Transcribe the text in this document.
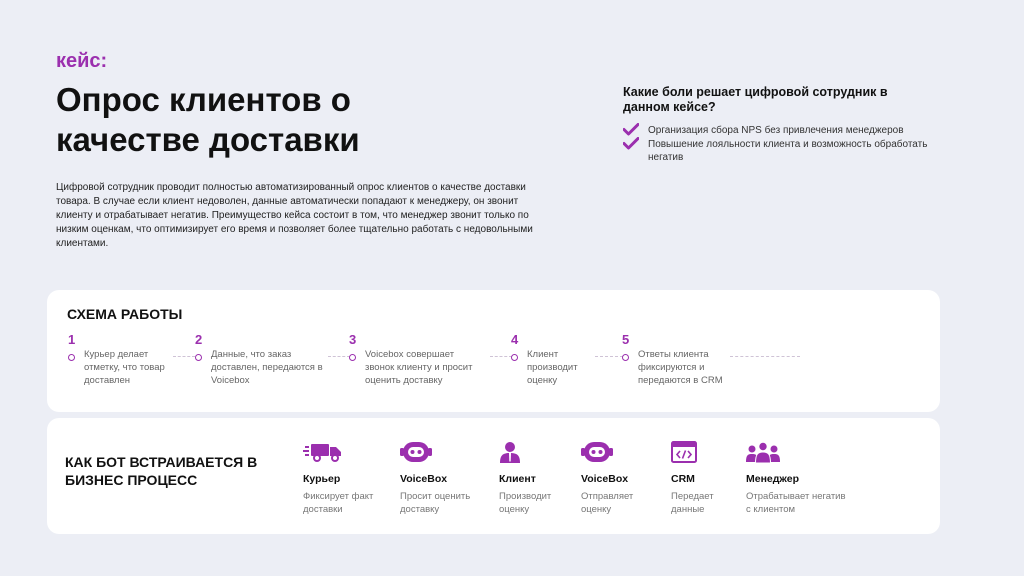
кейс:
Опрос клиентов о качестве доставки

Цифровой сотрудник проводит полностью автоматизированный опрос клиентов о качестве доставки товара. В случае если клиент недоволен, данные автоматически попадают к менеджеру, он звонит клиенту и отрабатывает негатив. Преимущество кейса состоит в том, что менеджер звонит только по низким оценкам, что оптимизирует его время и позволяет более тщательно работать с недовольными клиентами.

Какие боли решает цифровой сотрудник в данном кейсе?
Организация сбора NPS без привлечения менеджеров
Повышение лояльности клиента и возможность обработать негатив
СХЕМА РАБОТЫ
1
Курьер делает отметку, что товар доставлен
2
Данные, что заказ доставлен, передаются в Voicebox
3
Voicebox совершает звонок клиенту и просит оценить доставку
4
Клиент производит оценку
5
Ответы клиента фиксируются и передаются в CRM
КАК БОТ ВСТРАИВАЕТСЯ В БИЗНЕС ПРОЦЕСС	Курьер
Фиксирует факт доставки
VoiceBox
Просит оценить доставку
Клиент
Производит оценку
VoiceBox
Отправляет оценку
CRM
Передает данные
Менеджер
Отрабатывает негатив с клиентом
